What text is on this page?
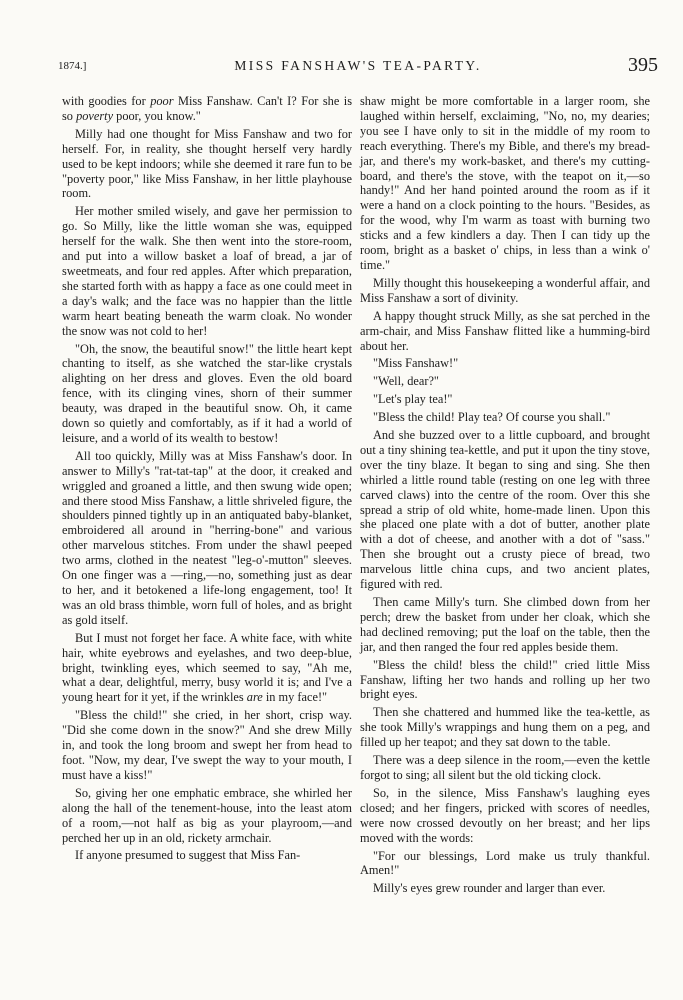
1874.]	MISS FANSHAW'S TEA-PARTY.	395

with goodies for poor Miss Fanshaw. Can't I? For she is so poverty poor, you know."

Milly had one thought for Miss Fanshaw and two for herself. For, in reality, she thought herself very hardly used to be kept indoors; while she deemed it rare fun to be "poverty poor," like Miss Fanshaw, in her little playhouse room.

Her mother smiled wisely, and gave her permission to go. So Milly, like the little woman she was, equipped herself for the walk. She then went into the store-room, and put into a willow basket a loaf of bread, a jar of sweetmeats, and four red apples. After which preparation, she started forth with as happy a face as one could meet in a day's walk; and the face was no happier than the little warm heart beating beneath the warm cloak. No wonder the snow was not cold to her!

"Oh, the snow, the beautiful snow!" the little heart kept chanting to itself, as she watched the star-like crystals alighting on her dress and gloves. Even the old board fence, with its clinging vines, shorn of their summer beauty, was draped in the beautiful snow. Oh, it came down so quietly and comfortably, as if it had a world of leisure, and a world of its wealth to bestow!

All too quickly, Milly was at Miss Fanshaw's door. In answer to Milly's "rat-tat-tap" at the door, it creaked and wriggled and groaned a little, and then swung wide open; and there stood Miss Fanshaw, a little shriveled figure, the shoulders pinned tightly up in an antiquated baby-blanket, embroidered all around in "herring-bone" and various other marvelous stitches. From under the shawl peeped two arms, clothed in the neatest "leg-o'-mutton" sleeves. On one finger was a —ring,—no, something just as dear to her, and it betokened a life-long engagement, too! It was an old brass thimble, worn full of holes, and as bright as gold itself.

But I must not forget her face. A white face, with white hair, white eyebrows and eyelashes, and two deep-blue, bright, twinkling eyes, which seemed to say, "Ah me, what a dear, delightful, merry, busy world it is; and I've a young heart for it yet, if the wrinkles are in my face!"

"Bless the child!" she cried, in her short, crisp way. "Did she come down in the snow?" And she drew Milly in, and took the long broom and swept her from head to foot. "Now, my dear, I've swept the way to your mouth, I must have a kiss!"

So, giving her one emphatic embrace, she whirled her along the hall of the tenement-house, into the least atom of a room,—not half as big as your playroom,—and perched her up in an old, rickety armchair.

If anyone presumed to suggest that Miss Fan-

shaw might be more comfortable in a larger room, she laughed within herself, exclaiming, "No, no, my dearies; you see I have only to sit in the middle of my room to reach everything. There's my Bible, and there's my bread-jar, and there's my work-basket, and there's my cutting-board, and there's the stove, with the teapot on it,—so handy!" And her hand pointed around the room as if it were a hand on a clock pointing to the hours. "Besides, as for the wood, why I'm warm as toast with burning two sticks and a few kindlers a day. Then I can tidy up the room, bright as a basket o' chips, in less than a wink o' time."

Milly thought this housekeeping a wonderful affair, and Miss Fanshaw a sort of divinity.

A happy thought struck Milly, as she sat perched in the arm-chair, and Miss Fanshaw flitted like a humming-bird about her.

"Miss Fanshaw!"

"Well, dear?"

"Let's play tea!"

"Bless the child! Play tea? Of course you shall."

And she buzzed over to a little cupboard, and brought out a tiny shining tea-kettle, and put it upon the tiny stove, over the tiny blaze. It began to sing and sing. She then whirled a little round table (resting on one leg with three carved claws) into the centre of the room. Over this she spread a strip of old white, home-made linen. Upon this she placed one plate with a dot of butter, another plate with a dot of cheese, and another with a dot of "sass." Then she brought out a crusty piece of bread, two marvelous little china cups, and two ancient plates, figured with red.

Then came Milly's turn. She climbed down from her perch; drew the basket from under her cloak, which she had declined removing; put the loaf on the table, then the jar, and then ranged the four red apples beside them.

"Bless the child! bless the child!" cried little Miss Fanshaw, lifting her two hands and rolling up her two bright eyes.

Then she chattered and hummed like the tea-kettle, as she took Milly's wrappings and hung them on a peg, and filled up her teapot; and they sat down to the table.

There was a deep silence in the room,—even the kettle forgot to sing; all silent but the old ticking clock.

So, in the silence, Miss Fanshaw's laughing eyes closed; and her fingers, pricked with scores of needles, were now crossed devoutly on her breast; and her lips moved with the words:

"For our blessings, Lord make us truly thankful. Amen!"

Milly's eyes grew rounder and larger than ever.
